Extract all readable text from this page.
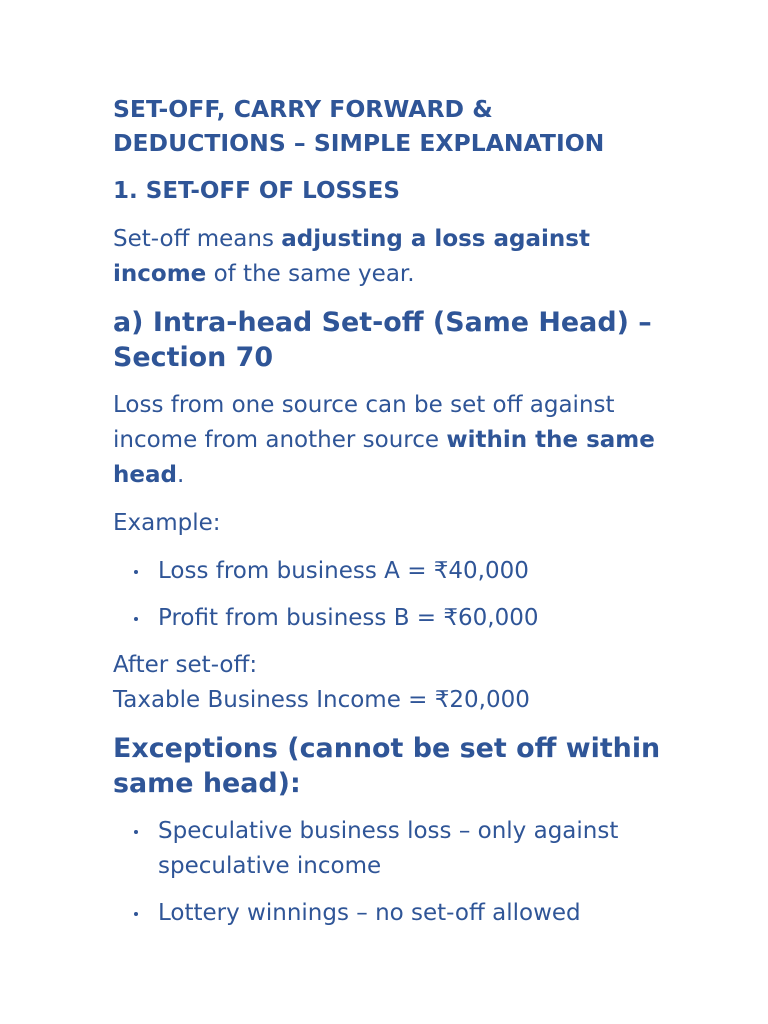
SET-OFF, CARRY FORWARD &
DEDUCTIONS – SIMPLE EXPLANATION
1. SET-OFF OF LOSSES

Set-off means adjusting a loss against income of the same year.

a) Intra-head Set-off (Same Head) – Section 70

Loss from one source can be set off against income from another source within the same head.

Example:

Loss from business A = ₹40,000
Profit from business B = ₹60,000

After set-off:
Taxable Business Income = ₹20,000

Exceptions (cannot be set off within same head):
Speculative business loss – only against speculative income
Lottery winnings – no set-off allowed
